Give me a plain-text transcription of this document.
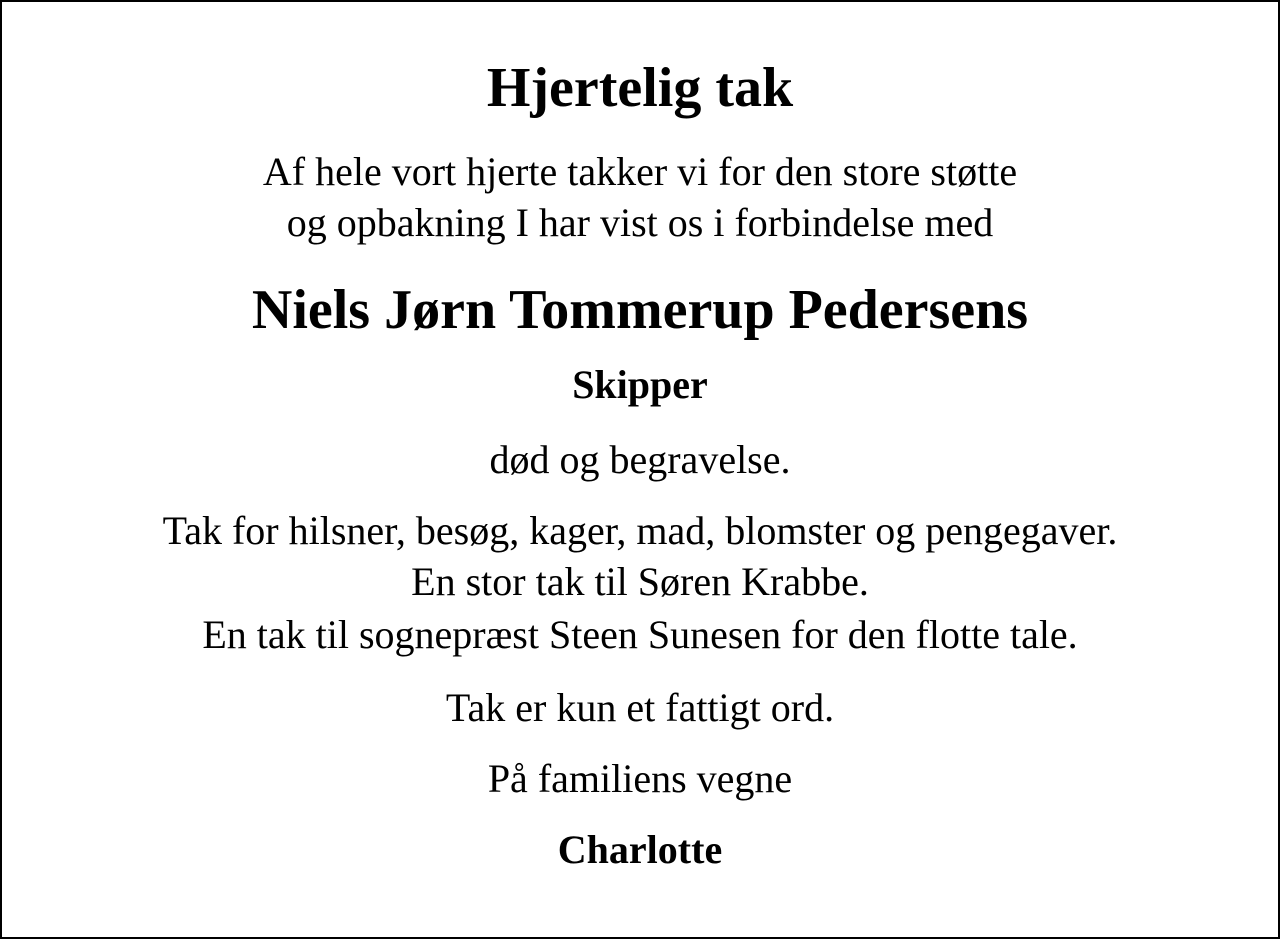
Hjertelig tak
Af hele vort hjerte takker vi for den store støtte
og opbakning I har vist os i forbindelse med
Niels Jørn Tommerup Pedersens
Skipper
død og begravelse.
Tak for hilsner, besøg, kager, mad, blomster og pengegaver.
En stor tak til Søren Krabbe.
En tak til sognepræst Steen Sunesen for den flotte tale.
Tak er kun et fattigt ord.
På familiens vegne
Charlotte
